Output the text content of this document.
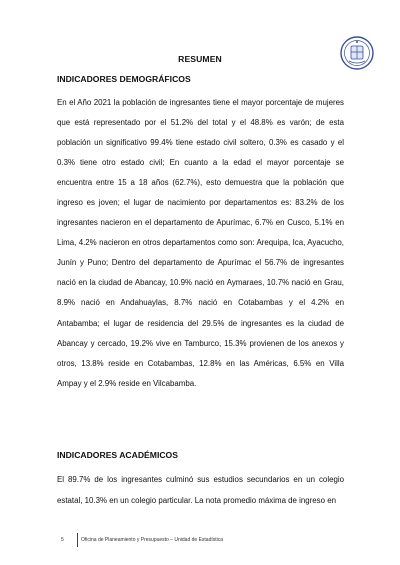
RESUMEN
INDICADORES DEMOGRÁFICOS

En el Año 2021 la población de ingresantes tiene el mayor porcentaje de mujeres que está representado por el 51.2% del total y el 48.8% es varón; de esta población un significativo 99.4% tiene estado civil soltero, 0.3% es casado y el 0.3% tiene otro estado civil; En cuanto a la edad el mayor porcentaje se encuentra entre 15 a 18 años (62.7%), esto demuestra que la población que ingreso es joven; el lugar de nacimiento por departamentos es: 83.2% de los ingresantes nacieron en el departamento de Apurímac, 6.7% en Cusco, 5.1% en Lima, 4.2% nacieron en otros departamentos como son: Arequipa, Ica, Ayacucho, Junín y Puno; Dentro del departamento de Apurímac el 56.7% de ingresantes nació en la ciudad de Abancay, 10.9% nació en Aymaraes, 10.7% nació en Grau, 8.9% nació en Andahuaylas, 8.7% nació en Cotabambas y el 4.2% en Antabamba; el lugar de residencia del 29.5% de ingresantes es la ciudad de Abancay y cercado, 19.2% vive en Tamburco, 15.3% provienen de los anexos y otros, 13.8% reside en Cotabambas, 12.8% en las Américas, 6.5% en Villa Ampay y el 2.9% reside en Vilcabamba.

INDICADORES ACADÉMICOS

El 89.7% de los ingresantes culminó sus estudios secundarios en un colegio estatal, 10.3% en un colegio particular. La nota promedio máxima de ingreso en

5	Oficina de Planeamiento y Presupuesto – Unidad de Estadística
